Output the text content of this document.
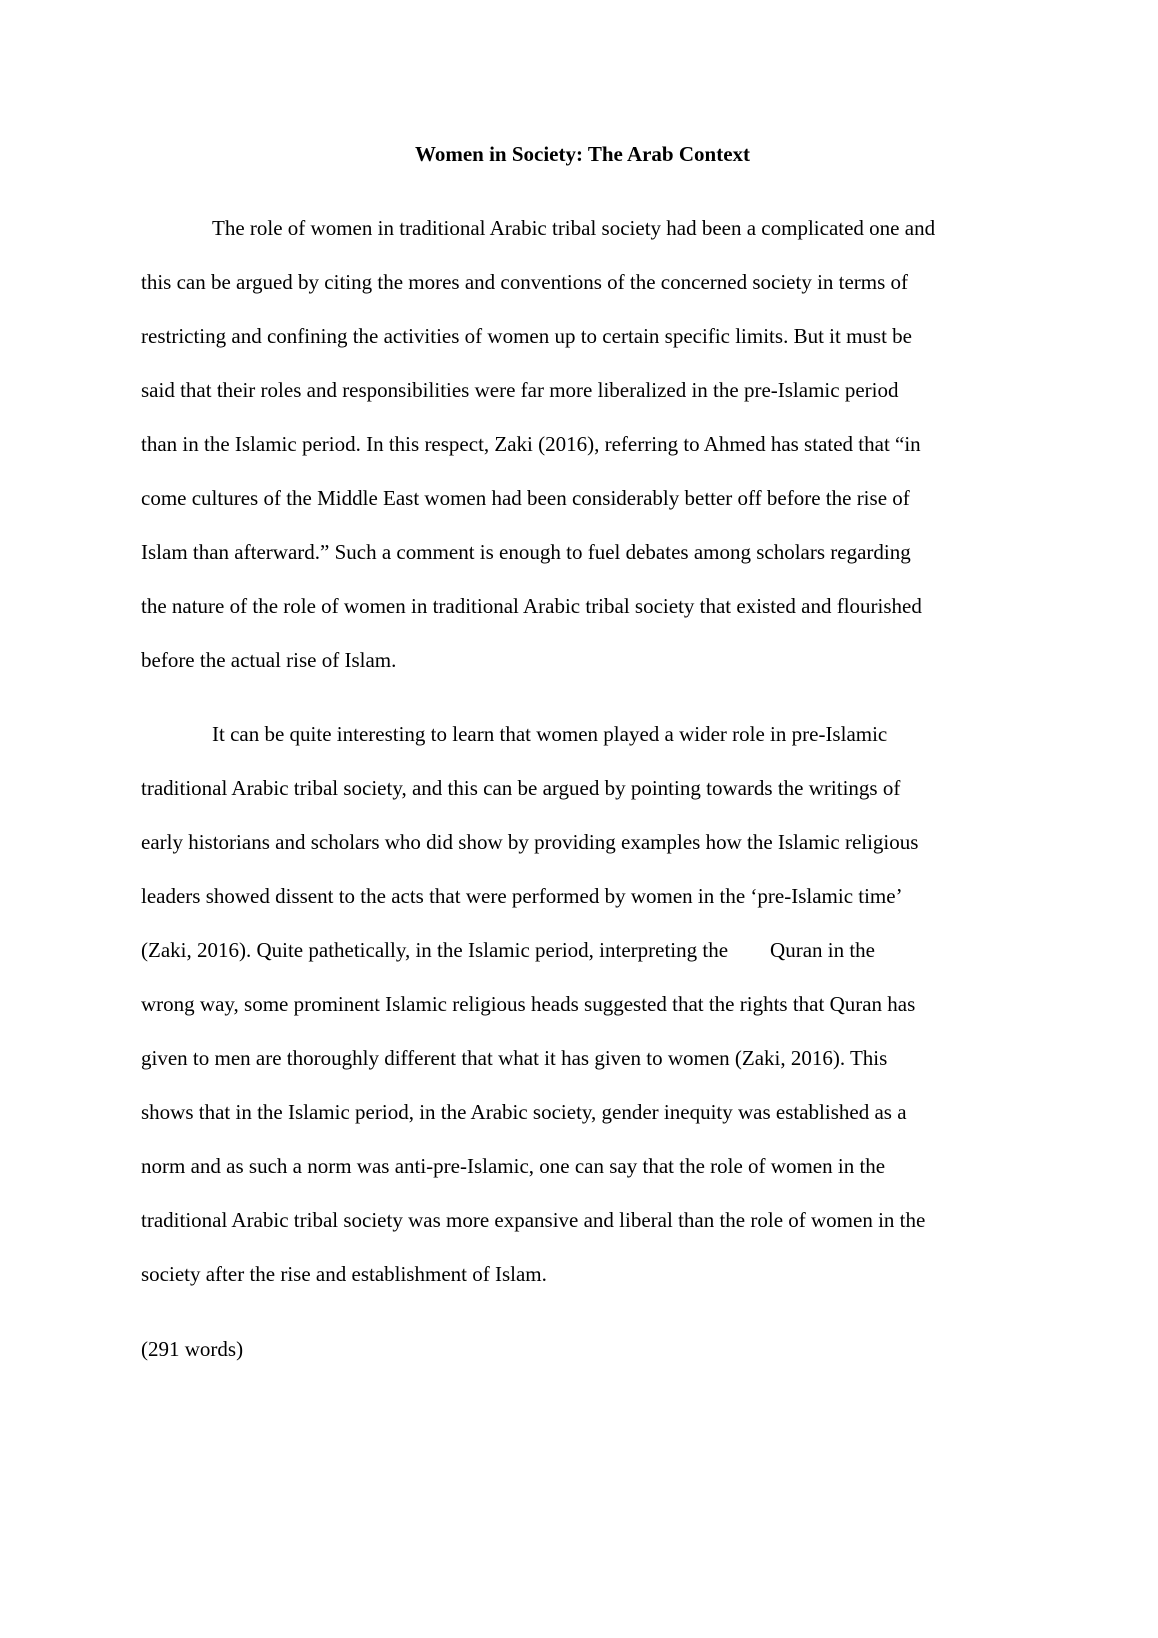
Women in Society: The Arab Context

The role of women in traditional Arabic tribal society had been a complicated one and
this can be argued by citing the mores and conventions of the concerned society in terms of
restricting and confining the activities of women up to certain specific limits. But it must be
said that their roles and responsibilities were far more liberalized in the pre-Islamic period
than in the Islamic period. In this respect, Zaki (2016), referring to Ahmed has stated that “in
come cultures of the Middle East women had been considerably better off before the rise of
Islam than afterward.” Such a comment is enough to fuel debates among scholars regarding
the nature of the role of women in traditional Arabic tribal society that existed and flourished
before the actual rise of Islam.

It can be quite interesting to learn that women played a wider role in pre-Islamic
traditional Arabic tribal society, and this can be argued by pointing towards the writings of
early historians and scholars who did show by providing examples how the Islamic religious
leaders showed dissent to the acts that were performed by women in the ‘pre-Islamic time’
(Zaki, 2016). Quite pathetically, in the Islamic period, interpreting the        Quran in the
wrong way, some prominent Islamic religious heads suggested that the rights that Quran has
given to men are thoroughly different that what it has given to women (Zaki, 2016). This
shows that in the Islamic period, in the Arabic society, gender inequity was established as a
norm and as such a norm was anti-pre-Islamic, one can say that the role of women in the
traditional Arabic tribal society was more expansive and liberal than the role of women in the
society after the rise and establishment of Islam.

(291 words)
